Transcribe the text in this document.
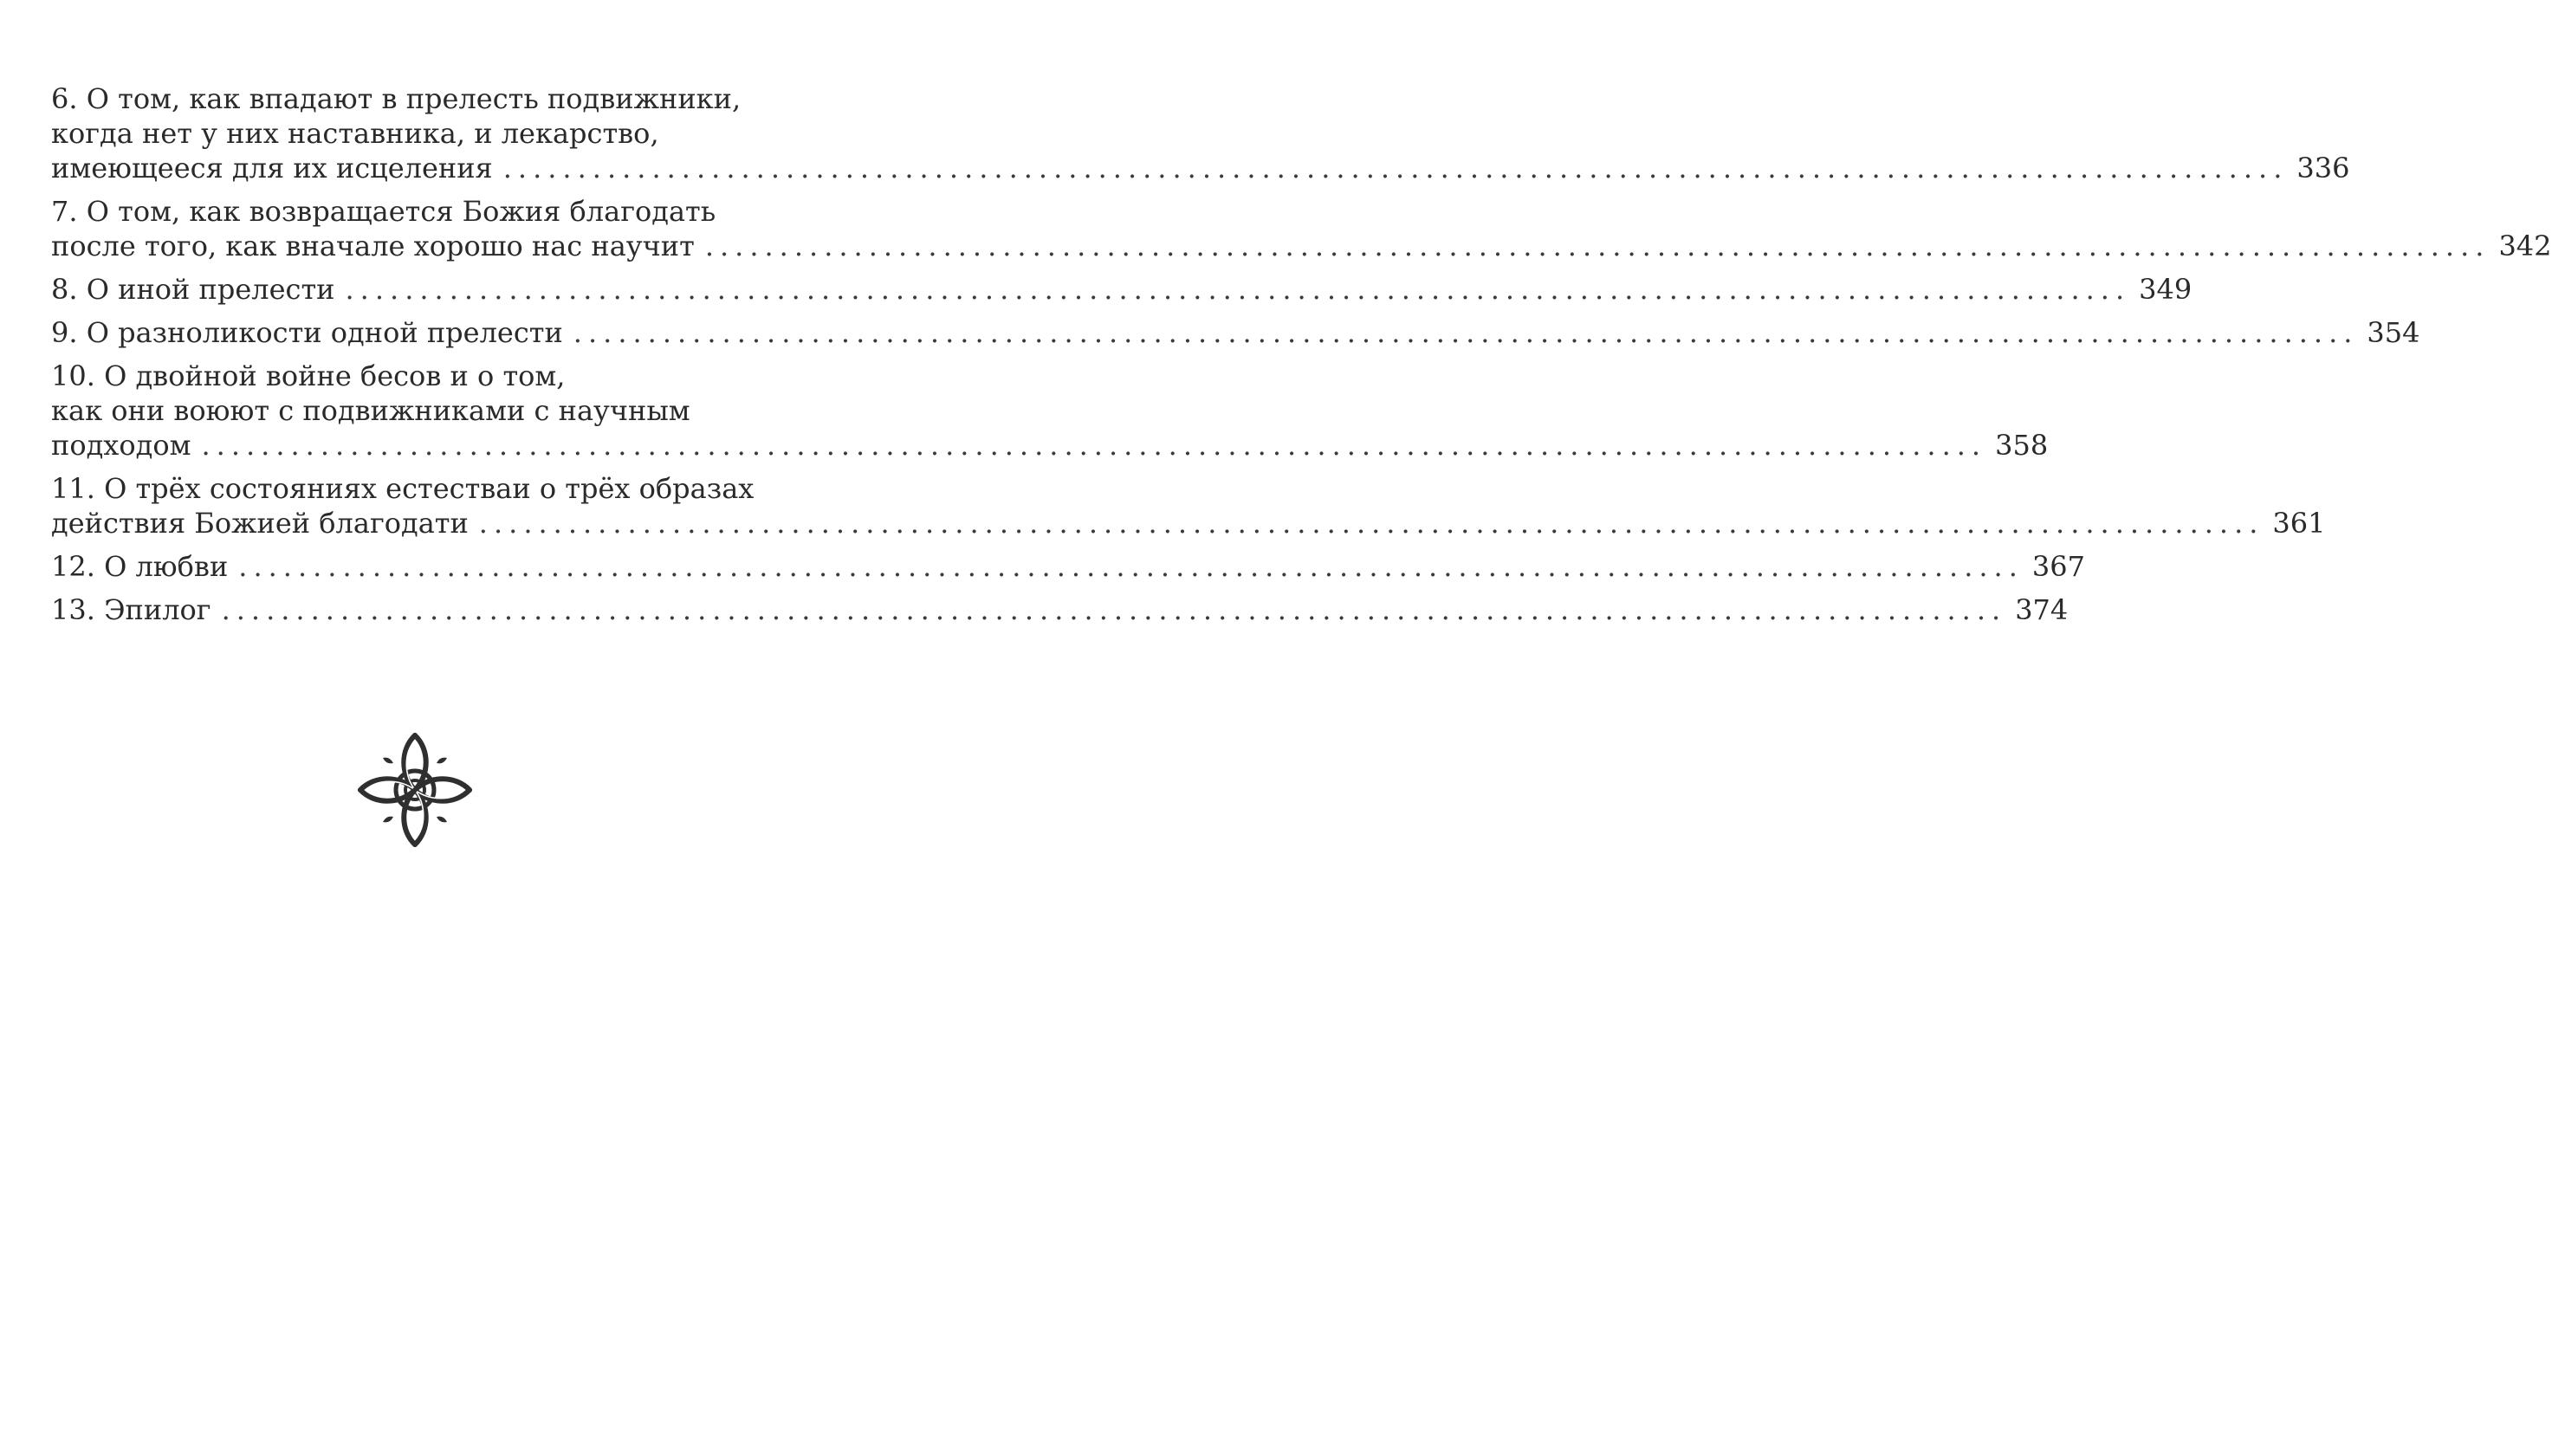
6. О том, как впадают в прелесть подвижники,
когда нет у них наставника, и лекарство,
имеющееся для их исцеления ........................................................................................................................ 336
7. О том, как возвращается Божия благодать
после того, как вначале хорошо нас научит ........................................................................................................................ 342
8. О иной прелести ........................................................................................................................ 349
9. О разноликости одной прелести ........................................................................................................................ 354
10. О двойной войне бесов и о том,
как они воюют с подвижниками с научным
подходом ........................................................................................................................ 358
11. О трёх состояниях естестваи о трёх образах
действия Божией благодати ........................................................................................................................ 361
12. О любви ........................................................................................................................ 367
13. Эпилог ........................................................................................................................ 374
